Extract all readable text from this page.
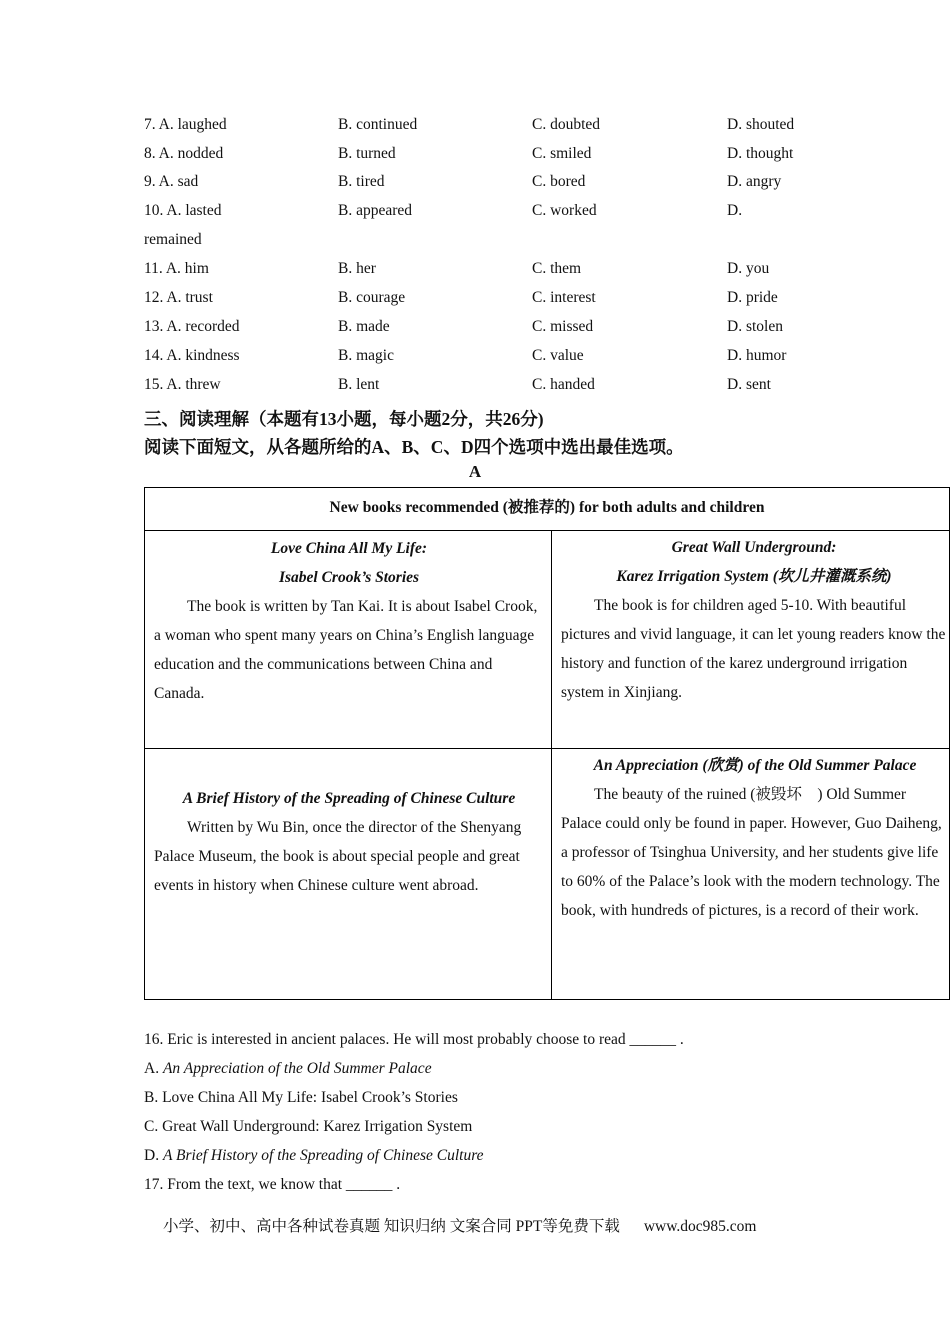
7. A. laughed	B. continued	C. doubted	D. shouted
8. A. nodded	B. turned	C. smiled	D. thought
9. A. sad	B. tired	C. bored	D. angry
10. A. lasted	B. appeared	C. worked	D.
remained
11. A. him	B. her	C. them	D. you
12. A. trust	B. courage	C. interest	D. pride
13. A. recorded	B. made	C. missed	D. stolen
14. A. kindness	B. magic	C. value	D. humor
15. A. threw	B. lent	C. handed	D. sent
三、阅读理解（本题有13小题，每小题2分，共26分)
阅读下面短文，从各题所给的A、B、C、D四个选项中选出最佳选项。
A
New books recommended (被推荐的) for both adults and children
Love China All My Life:
Isabel Crook’s Stories
The book is written by Tan Kai. It is about Isabel Crook, a woman who spent many years on China’s English language education and the communications between China and Canada.
Great Wall Underground:
Karez Irrigation System (坎儿井灌溉系统)
The book is for children aged 5-10. With beautiful pictures and vivid language, it can let young readers know the history and function of the karez underground irrigation system in Xinjiang.
A Brief History of the Spreading of Chinese Culture
Written by Wu Bin, once the director of the Shenyang Palace Museum, the book is about special people and great events in history when Chinese culture went abroad.
An Appreciation (欣赏) of the Old Summer Palace
The beauty of the ruined (被毁坏　) Old Summer Palace could only be found in paper. However, Guo Daiheng, a professor of Tsinghua University, and her students give life to 60% of the Palace’s look with the modern technology. The book, with hundreds of pictures, is a record of their work.
16. Eric is interested in ancient palaces. He will most probably choose to read ______ .
A. An Appreciation of the Old Summer Palace
B. Love China All My Life: Isabel Crook’s Stories
C. Great Wall Underground: Karez Irrigation System
D. A Brief History of the Spreading of Chinese Culture
17. From the text, we know that ______ .
小学、初中、高中各种试卷真题 知识归纳 文案合同 PPT等免费下载 www.doc985.com
